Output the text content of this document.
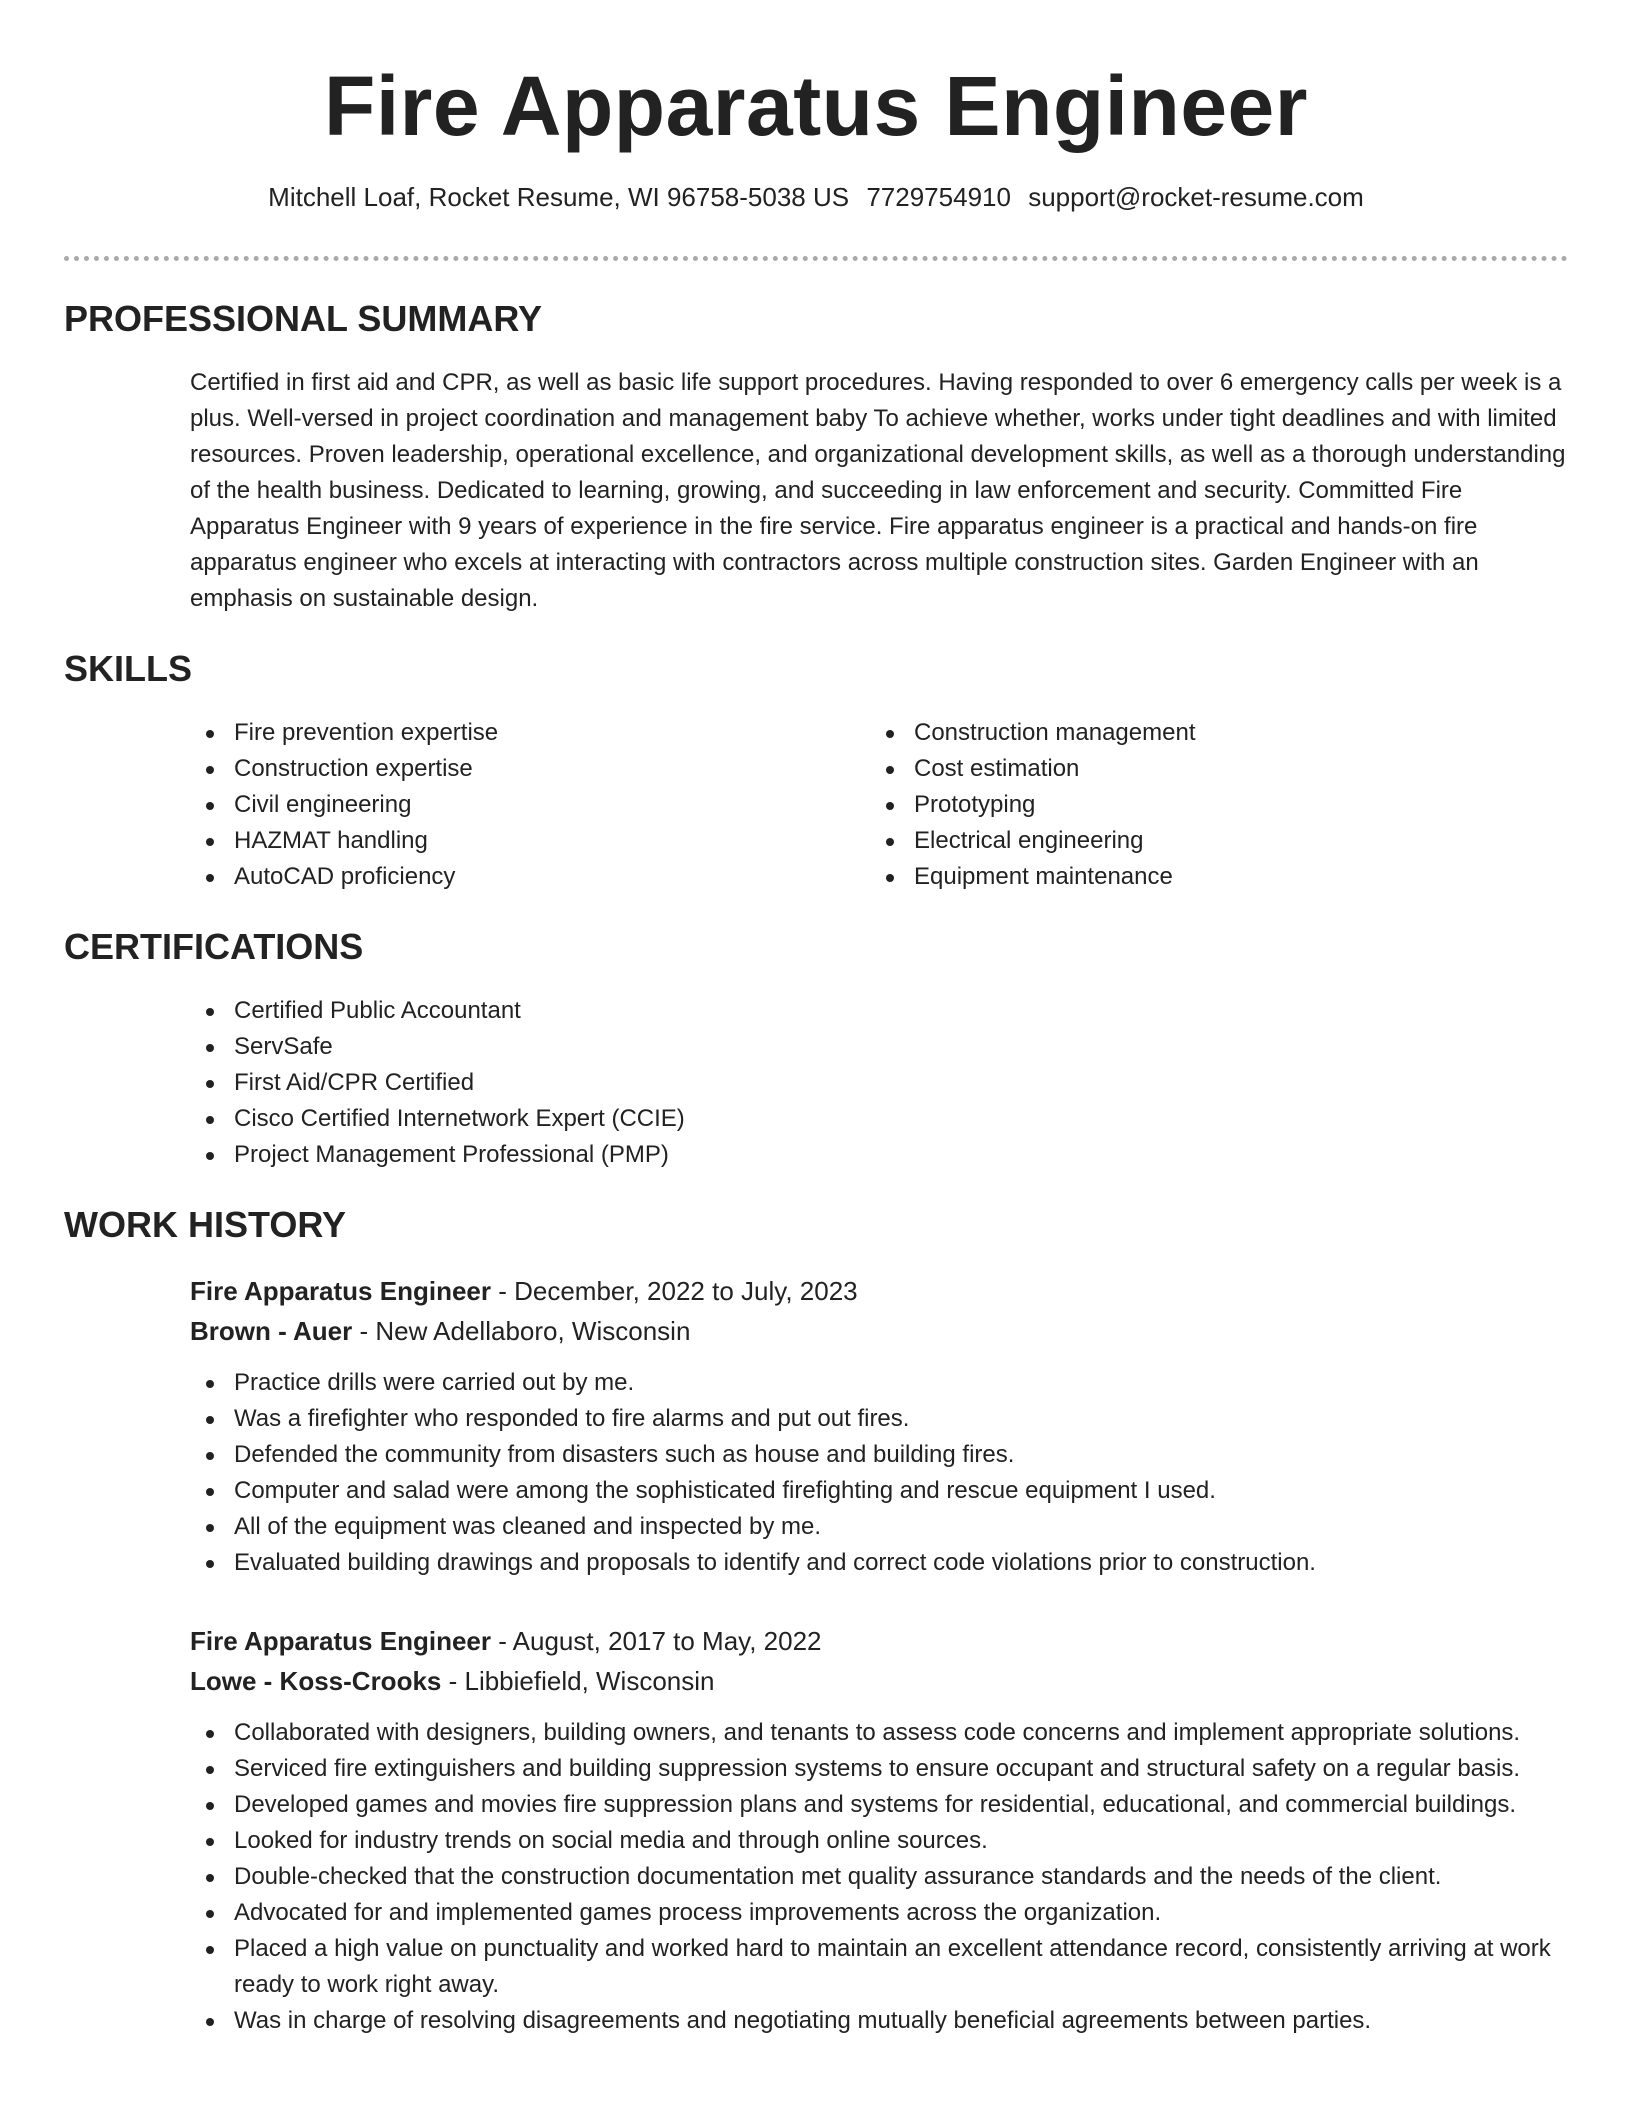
Fire Apparatus Engineer
Mitchell Loaf, Rocket Resume, WI 96758-5038 US 7729754910 support@rocket-resume.com
PROFESSIONAL SUMMARY

Certified in first aid and CPR, as well as basic life support procedures. Having responded to over 6 emergency calls per week is a plus. Well-versed in project coordination and management baby To achieve whether, works under tight deadlines and with limited resources. Proven leadership, operational excellence, and organizational development skills, as well as a thorough understanding of the health business. Dedicated to learning, growing, and succeeding in law enforcement and security. Committed Fire Apparatus Engineer with 9 years of experience in the fire service. Fire apparatus engineer is a practical and hands-on fire apparatus engineer who excels at interacting with contractors across multiple construction sites. Garden Engineer with an emphasis on sustainable design.

SKILLS
Fire prevention expertise
Construction expertise
Civil engineering
HAZMAT handling
AutoCAD proficiency
Construction management
Cost estimation
Prototyping
Electrical engineering
Equipment maintenance
CERTIFICATIONS
Certified Public Accountant
ServSafe
First Aid/CPR Certified
Cisco Certified Internetwork Expert (CCIE)
Project Management Professional (PMP)
WORK HISTORY
Fire Apparatus Engineer - December, 2022 to July, 2023
Brown - Auer - New Adellaboro, Wisconsin
Practice drills were carried out by me.
Was a firefighter who responded to fire alarms and put out fires.
Defended the community from disasters such as house and building fires.
Computer and salad were among the sophisticated firefighting and rescue equipment I used.
All of the equipment was cleaned and inspected by me.
Evaluated building drawings and proposals to identify and correct code violations prior to construction.
Fire Apparatus Engineer - August, 2017 to May, 2022
Lowe - Koss-Crooks - Libbiefield, Wisconsin
Collaborated with designers, building owners, and tenants to assess code concerns and implement appropriate solutions.
Serviced fire extinguishers and building suppression systems to ensure occupant and structural safety on a regular basis.
Developed games and movies fire suppression plans and systems for residential, educational, and commercial buildings.
Looked for industry trends on social media and through online sources.
Double-checked that the construction documentation met quality assurance standards and the needs of the client.
Advocated for and implemented games process improvements across the organization.
Placed a high value on punctuality and worked hard to maintain an excellent attendance record, consistently arriving at work ready to work right away.
Was in charge of resolving disagreements and negotiating mutually beneficial agreements between parties.
